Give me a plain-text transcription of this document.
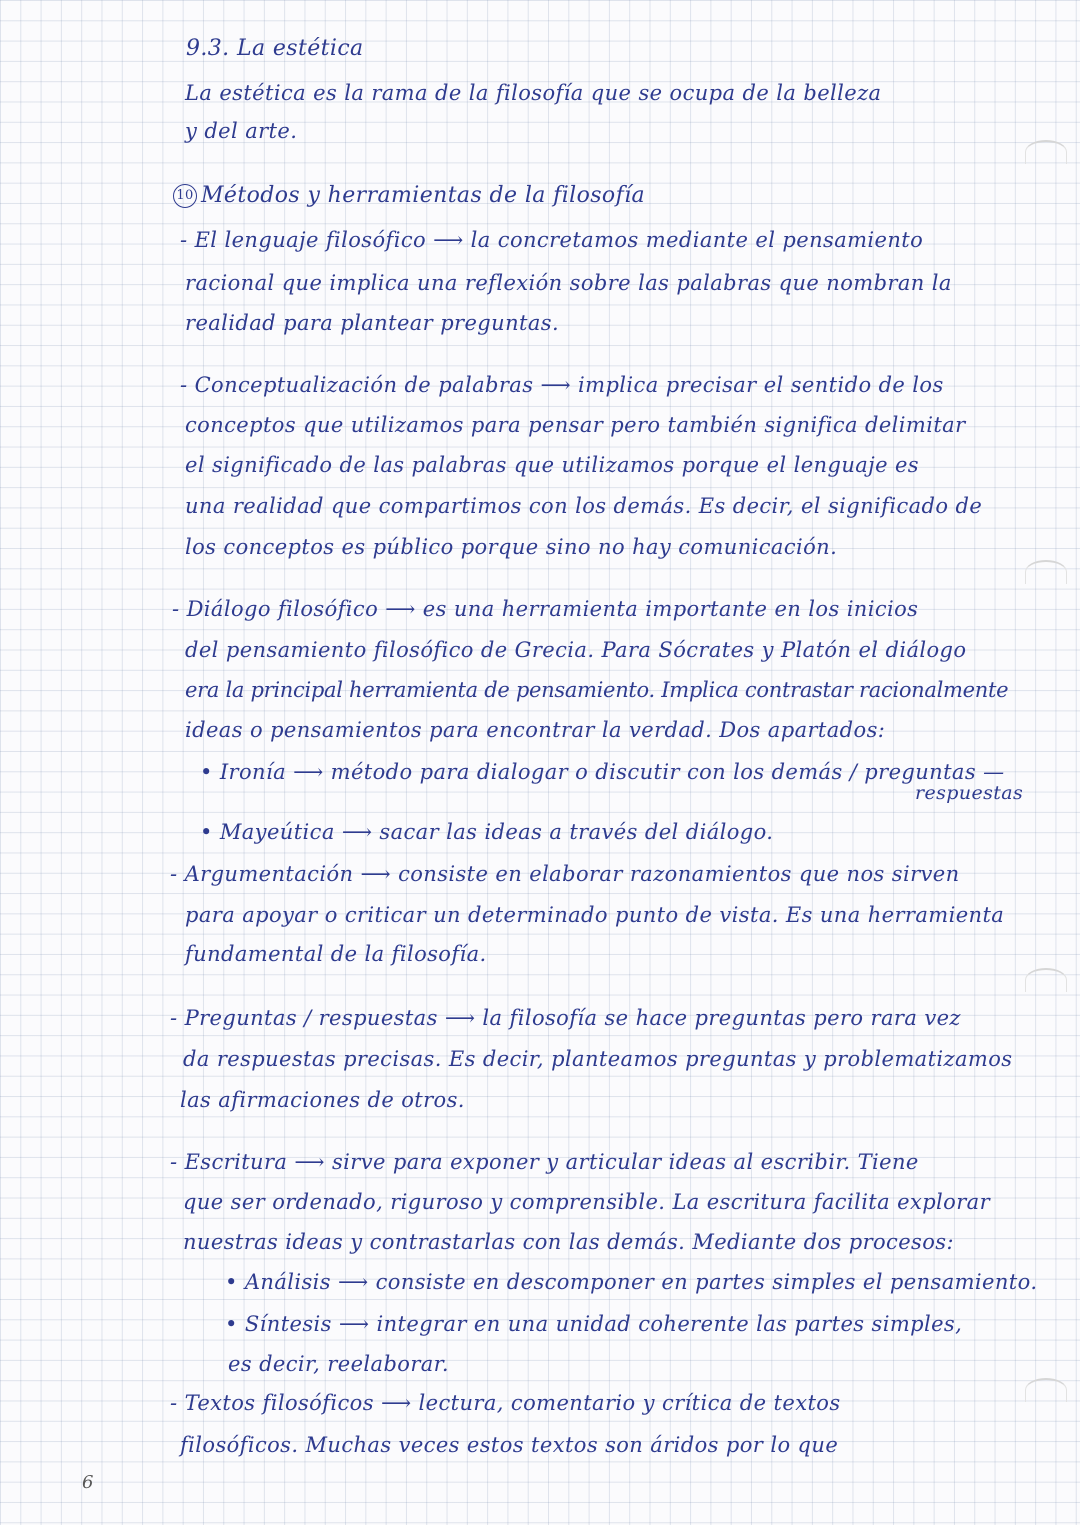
9.3. La estética
La estética es la rama de la filosofía que se ocupa de la belleza
y del arte.
10 Métodos y herramientas de la filosofía
- El lenguaje filosófico ⟶ la concretamos mediante el pensamiento
racional que implica una reflexión sobre las palabras que nombran la
realidad para plantear preguntas.
- Conceptualización de palabras ⟶ implica precisar el sentido de los
conceptos que utilizamos para pensar pero también significa delimitar
el significado de las palabras que utilizamos porque el lenguaje es
una realidad que compartimos con los demás. Es decir, el significado de
los conceptos es público porque sino no hay comunicación.
- Diálogo filosófico ⟶ es una herramienta importante en los inicios
del pensamiento filosófico de Grecia. Para Sócrates y Platón el diálogo
era la principal herramienta de pensamiento. Implica contrastar racionalmente
ideas o pensamientos para encontrar la verdad. Dos apartados:
• Ironía ⟶ método para dialogar o discutir con los demás / preguntas —
respuestas
• Mayeútica ⟶ sacar las ideas a través del diálogo.
- Argumentación ⟶ consiste en elaborar razonamientos que nos sirven
para apoyar o criticar un determinado punto de vista. Es una herramienta
fundamental de la filosofía.
- Preguntas / respuestas ⟶ la filosofía se hace preguntas pero rara vez
da respuestas precisas. Es decir, planteamos preguntas y problematizamos
las afirmaciones de otros.
- Escritura ⟶ sirve para exponer y articular ideas al escribir. Tiene
que ser ordenado, riguroso y comprensible. La escritura facilita explorar
nuestras ideas y contrastarlas con las demás. Mediante dos procesos:
• Análisis ⟶ consiste en descomponer en partes simples el pensamiento.
• Síntesis ⟶ integrar en una unidad coherente las partes simples,
es decir, reelaborar.
- Textos filosóficos ⟶ lectura, comentario y crítica de textos
filosóficos. Muchas veces estos textos son áridos por lo que
6
